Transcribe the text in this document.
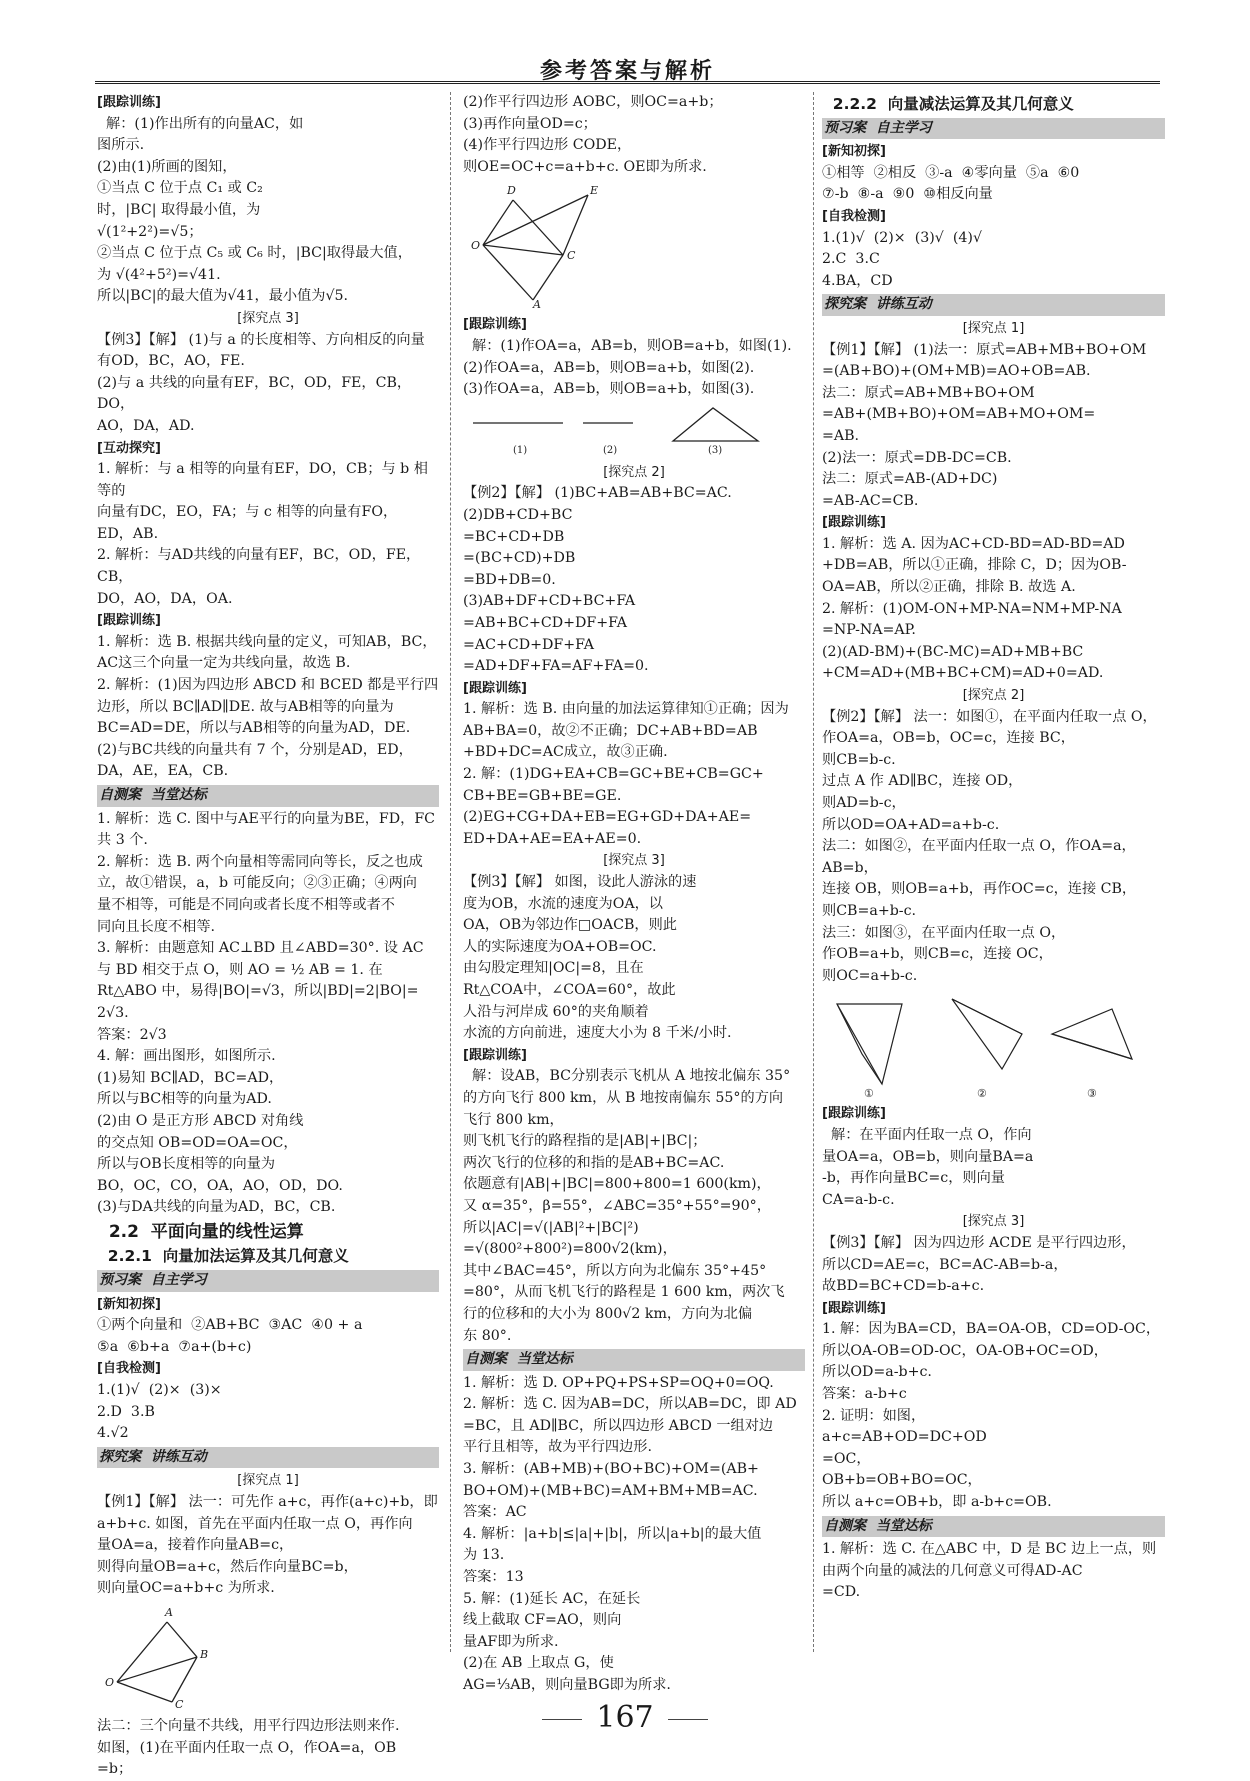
参考答案与解析
[跟踪训练]
解：(1)作出所有的向量AC，如
图所示.
(2)由(1)所画的图知，
①当点 C 位于点 C₁ 或 C₂
时，|BC| 取得最小值，为
√(1²+2²)=√5；
②当点 C 位于点 C₅ 或 C₆ 时，|BC|取得最大值，
为 √(4²+5²)=√41.
所以|BC|的最大值为√41，最小值为√5.
[探究点 3]
【例3】【解】 (1)与 a 的长度相等、方向相反的向量
有OD，BC，AO，FE.
(2)与 a 共线的向量有EF，BC，OD，FE，CB，DO，
AO，DA，AD.
[互动探究]
1. 解析：与 a 相等的向量有EF，DO，CB；与 b 相等的
向量有DC，EO，FA；与 c 相等的向量有FO，
ED，AB.
2. 解析：与AD共线的向量有EF，BC，OD，FE，CB，
DO，AO，DA，OA.
[跟踪训练]
1. 解析：选 B. 根据共线向量的定义，可知AB，BC，
AC这三个向量一定为共线向量，故选 B.
2. 解析：(1)因为四边形 ABCD 和 BCED 都是平行四
边形，所以 BC∥AD∥DE. 故与AB相等的向量为
BC=AD=DE，所以与AB相等的向量为AD，DE.
(2)与BC共线的向量共有 7 个，分别是AD，ED，
DA，AE，EA，CB.
自测案  当堂达标
1. 解析：选 C. 图中与AE平行的向量为BE，FD，FC
共 3 个.
2. 解析：选 B. 两个向量相等需同向等长，反之也成
立，故①错误，a，b 可能反向；②③正确；④两向
量不相等，可能是不同向或者长度不相等或者不
同向且长度不相等.
3. 解析：由题意知 AC⊥BD 且∠ABD=30°. 设 AC
与 BD 相交于点 O，则 AO = ½ AB = 1. 在
Rt△ABO 中，易得|BO|=√3，所以|BD|=2|BO|=
2√3.
答案：2√3
4. 解：画出图形，如图所示.
(1)易知 BC∥AD，BC=AD，
所以与BC相等的向量为AD.
(2)由 O 是正方形 ABCD 对角线
的交点知 OB=OD=OA=OC，
所以与OB长度相等的向量为
BO，OC，CO，OA，AO，OD，DO.
(3)与DA共线的向量为AD，BC，CB.
2.2  平面向量的线性运算
2.2.1  向量加法运算及其几何意义
预习案  自主学习
[新知初探]
①两个向量和  ②AB+BC  ③AC  ④0 + a
⑤a  ⑥b+a  ⑦a+(b+c)
[自我检测]
1.(1)√  (2)×  (3)×
2.D  3.B
4.√2
探究案  讲练互动
[探究点 1]
【例1】【解】 法一：可先作 a+c，再作(a+c)+b，即
a+b+c. 如图，首先在平面内任取一点 O，再作向
量OA=a，接着作向量AB=c，
则得向量OB=a+c，然后作向量BC=b，
则向量OC=a+b+c 为所求.
O
A
B
C
法二：三个向量不共线，用平行四边形法则来作.
如图，(1)在平面内任取一点 O，作OA=a，OB
=b；
(2)作平行四边形 AOBC，则OC=a+b；
(3)再作向量OD=c；
(4)作平行四边形 CODE，
则OE=OC+c=a+b+c. OE即为所求.
O
D	E
C
A
[跟踪训练]
解：(1)作OA=a，AB=b，则OB=a+b，如图(1).
(2)作OA=a，AB=b，则OB=a+b，如图(2).
(3)作OA=a，AB=b，则OB=a+b，如图(3).
(1)	(2)	(3)
[探究点 2]
【例2】【解】 (1)BC+AB=AB+BC=AC.
(2)DB+CD+BC
=BC+CD+DB
=(BC+CD)+DB
=BD+DB=0.
(3)AB+DF+CD+BC+FA
=AB+BC+CD+DF+FA
=AC+CD+DF+FA
=AD+DF+FA=AF+FA=0.
[跟踪训练]
1. 解析：选 B. 由向量的加法运算律知①正确；因为
AB+BA=0，故②不正确；DC+AB+BD=AB
+BD+DC=AC成立，故③正确.
2. 解：(1)DG+EA+CB=GC+BE+CB=GC+
CB+BE=GB+BE=GE.
(2)EG+CG+DA+EB=EG+GD+DA+AE=
ED+DA+AE=EA+AE=0.
[探究点 3]
【例3】【解】 如图，设此人游泳的速
度为OB，水流的速度为OA，以
OA，OB为邻边作□OACB，则此
人的实际速度为OA+OB=OC.
由勾股定理知|OC|=8，且在
Rt△COA中，∠COA=60°，故此
人沿与河岸成 60°的夹角顺着
水流的方向前进，速度大小为 8 千米/小时.
[跟踪训练]
解：设AB，BC分别表示飞机从 A 地按北偏东 35°
的方向飞行 800 km，从 B 地按南偏东 55°的方向
飞行 800 km，
则飞机飞行的路程指的是|AB|+|BC|；
两次飞行的位移的和指的是AB+BC=AC.
依题意有|AB|+|BC|=800+800=1 600(km)，
又 α=35°，β=55°，∠ABC=35°+55°=90°，
所以|AC|=√(|AB|²+|BC|²)
=√(800²+800²)=800√2(km)，
其中∠BAC=45°，所以方向为北偏东 35°+45°
=80°，从而飞机飞行的路程是 1 600 km，两次飞
行的位移和的大小为 800√2 km，方向为北偏
东 80°.
自测案  当堂达标
1. 解析：选 D. OP+PQ+PS+SP=OQ+0=OQ.
2. 解析：选 C. 因为AB=DC，所以AB=DC，即 AD
=BC，且 AD∥BC，所以四边形 ABCD 一组对边
平行且相等，故为平行四边形.
3. 解析：(AB+MB)+(BO+BC)+OM=(AB+
BO+OM)+(MB+BC)=AM+BM+MB=AC.
答案：AC
4. 解析：|a+b|≤|a|+|b|，所以|a+b|的最大值
为 13.
答案：13
5. 解：(1)延长 AC，在延长
线上截取 CF=AO，则向
量AF即为所求.
(2)在 AB 上取点 G，使
AG=⅓AB，则向量BG即为所求.
2.2.2  向量减法运算及其几何意义
预习案  自主学习
[新知初探]
①相等  ②相反  ③-a  ④零向量  ⑤a  ⑥0
⑦-b  ⑧-a  ⑨0  ⑩相反向量
[自我检测]
1.(1)√  (2)×  (3)√  (4)√
2.C  3.C
4.BA，CD
探究案  讲练互动
[探究点 1]
【例1】【解】 (1)法一：原式=AB+MB+BO+OM
=(AB+BO)+(OM+MB)=AO+OB=AB.
法二：原式=AB+MB+BO+OM
=AB+(MB+BO)+OM=AB+MO+OM=
=AB.
(2)法一：原式=DB-DC=CB.
法二：原式=AB-(AD+DC)
=AB-AC=CB.
[跟踪训练]
1. 解析：选 A. 因为AC+CD-BD=AD-BD=AD
+DB=AB，所以①正确，排除 C，D；因为OB-
OA=AB，所以②正确，排除 B. 故选 A.
2. 解析：(1)OM-ON+MP-NA=NM+MP-NA
=NP-NA=AP.
(2)(AD-BM)+(BC-MC)=AD+MB+BC
+CM=AD+(MB+BC+CM)=AD+0=AD.
[探究点 2]
【例2】【解】 法一：如图①，在平面内任取一点 O，
作OA=a，OB=b，OC=c，连接 BC，
则CB=b-c.
过点 A 作 AD∥BC，连接 OD，
则AD=b-c，
所以OD=OA+AD=a+b-c.
法二：如图②，在平面内任取一点 O，作OA=a，
AB=b，
连接 OB，则OB=a+b，再作OC=c，连接 CB，
则CB=a+b-c.
法三：如图③，在平面内任取一点 O，
作OB=a+b，则CB=c，连接 OC，
则OC=a+b-c.
①	②	③
[跟踪训练]
解：在平面内任取一点 O，作向
量OA=a，OB=b，则向量BA=a
-b，再作向量BC=c，则向量
CA=a-b-c.
[探究点 3]
【例3】【解】 因为四边形 ACDE 是平行四边形，
所以CD=AE=c，BC=AC-AB=b-a，
故BD=BC+CD=b-a+c.
[跟踪训练]
1. 解：因为BA=CD，BA=OA-OB，CD=OD-OC，
所以OA-OB=OD-OC，OA-OB+OC=OD，
所以OD=a-b+c.
答案：a-b+c
2. 证明：如图，
a+c=AB+OD=DC+OD
=OC，
OB+b=OB+BO=OC，
所以 a+c=OB+b，即 a-b+c=OB.
自测案  当堂达标
1. 解析：选 C. 在△ABC 中，D 是 BC 边上一点，则
由两个向量的减法的几何意义可得AD-AC
=CD.
167
